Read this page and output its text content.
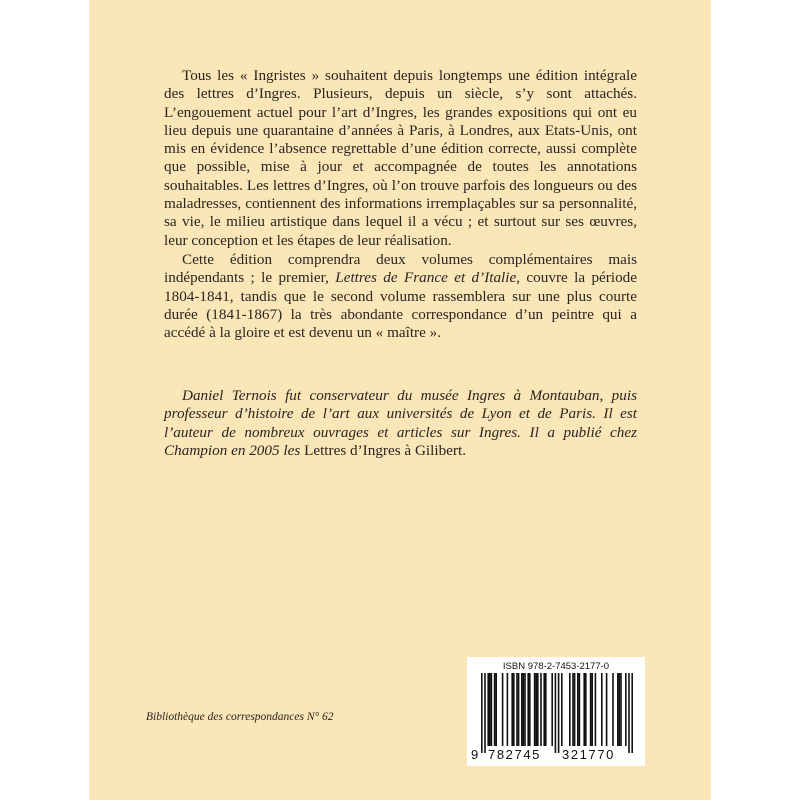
Tous les « Ingristes » souhaitent depuis longtemps une édition intégrale des lettres d’Ingres. Plusieurs, depuis un siècle, s’y sont attachés. L’engouement actuel pour l’art d’Ingres, les grandes expositions qui ont eu lieu depuis une quarantaine d’années à Paris, à Londres, aux Etats-Unis, ont mis en évidence l’absence regrettable d’une édition correcte, aussi complète que possible, mise à jour et accompagnée de toutes les annotations souhaitables. Les lettres d’Ingres, où l’on trouve parfois des longueurs ou des maladresses, contiennent des informations irremplaçables sur sa personnalité, sa vie, le milieu artistique dans lequel il a vécu ; et surtout sur ses œuvres, leur conception et les étapes de leur réalisation.

Cette édition comprendra deux volumes complémentaires mais indépendants ; le premier, Lettres de France et d’Italie, couvre la période 1804-1841, tandis que le second volume rassemblera sur une plus courte durée (1841-1867) la très abondante correspondance d’un peintre qui a accédé à la gloire et est devenu un « maître ».

Daniel Ternois fut conservateur du musée Ingres à Montauban, puis professeur d’histoire de l’art aux universités de Lyon et de Paris. Il est l’auteur de nombreux ouvrages et articles sur Ingres. Il a publié chez Champion en 2005 les Lettres d’Ingres à Gilibert.

Bibliothèque des correspondances N° 62
ISBN 978-2-7453-2177-0
9 782745 321770
